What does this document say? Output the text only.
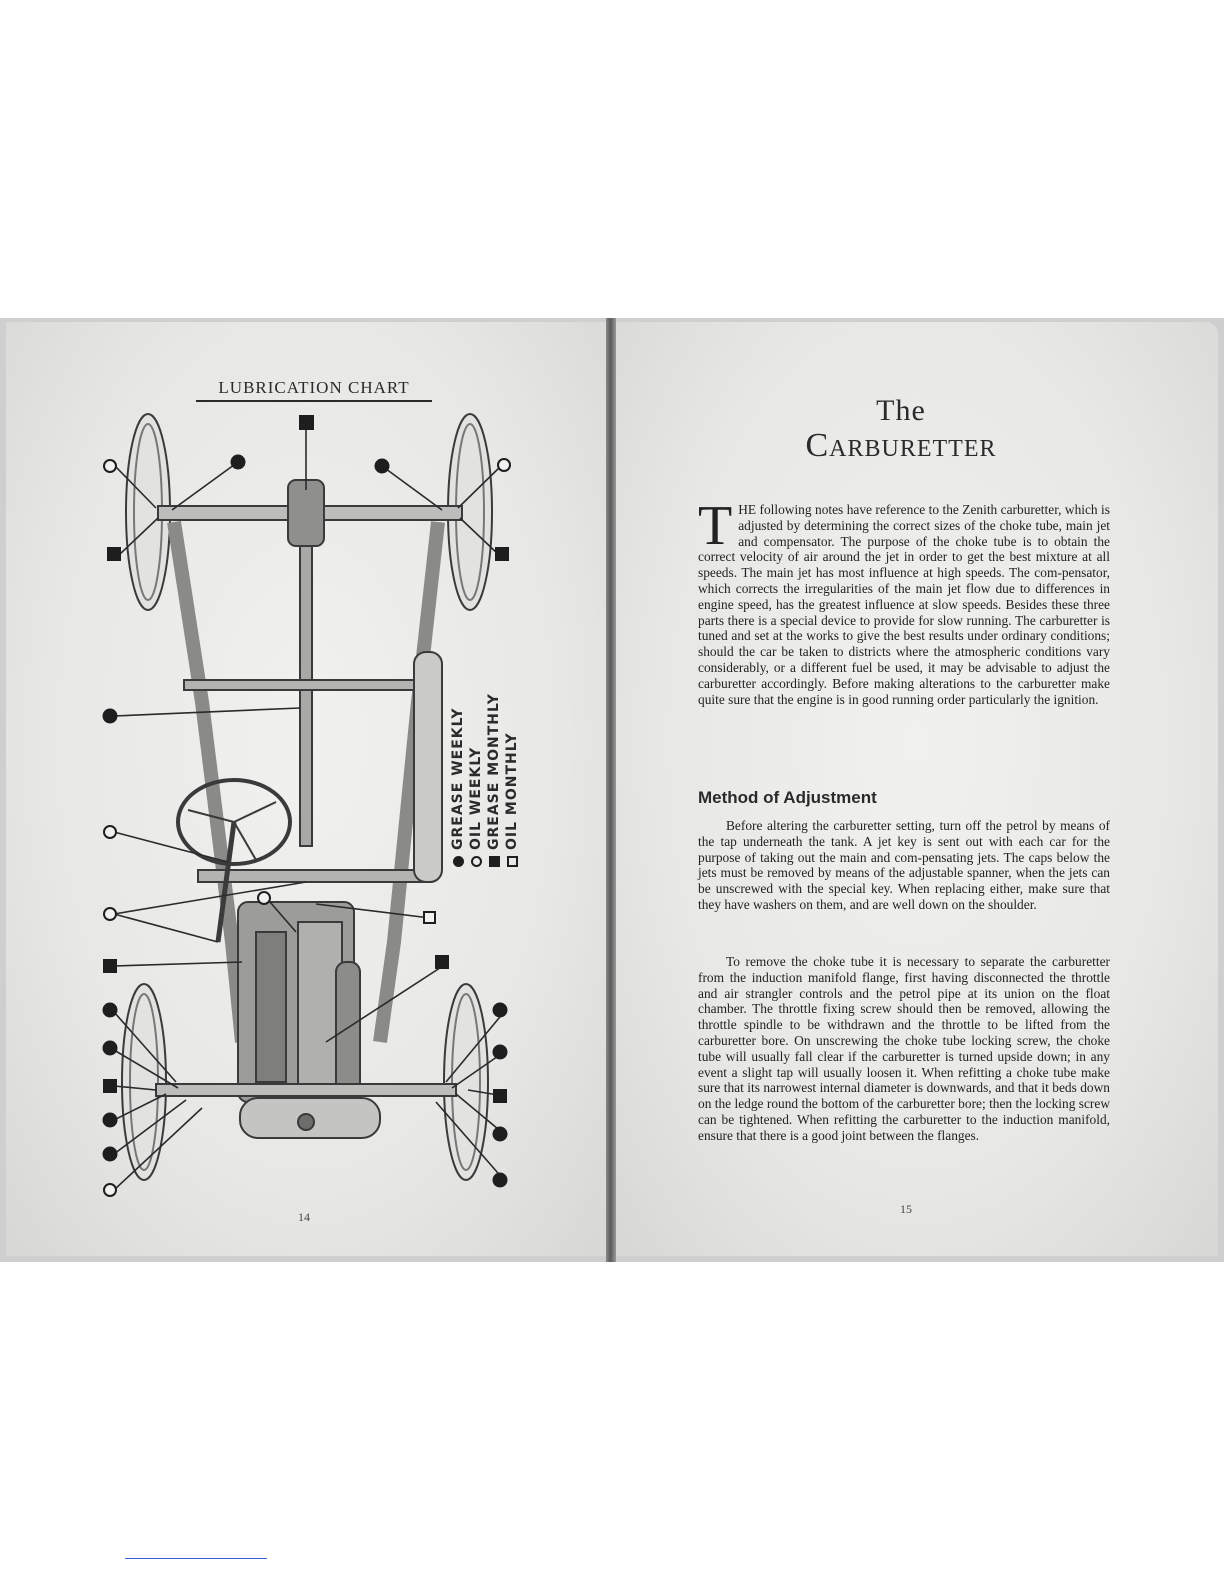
LUBRICATION CHART
GREASE WEEKLY OIL WEEKLY GREASE MONTHLY OIL MONTHLY
14
The
Carburetter
T HE following notes have reference to the Zenith carburetter, which is adjusted by determining the correct sizes of the choke tube, main jet and compensator. The purpose of the choke tube is to obtain the correct velocity of air around the jet in order to get the best mixture at all speeds. The main jet has most influence at high speeds. The com-pensator, which corrects the irregularities of the main jet flow due to differences in engine speed, has the greatest influence at slow speeds. Besides these three parts there is a special device to provide for slow running. The carburetter is tuned and set at the works to give the best results under ordinary conditions; should the car be taken to districts where the atmospheric conditions vary considerably, or a different fuel be used, it may be advisable to adjust the carburetter accordingly. Before making alterations to the carburetter make quite sure that the engine is in good running order particularly the ignition.
Method of Adjustment

Before altering the carburetter setting, turn off the petrol by means of the tap underneath the tank. A jet key is sent out with each car for the purpose of taking out the main and com-pensating jets. The caps below the jets must be removed by means of the adjustable spanner, when the jets can be unscrewed with the special key. When replacing either, make sure that they have washers on them, and are well down on the shoulder.

To remove the choke tube it is necessary to separate the carburetter from the induction manifold flange, first having disconnected the throttle and air strangler controls and the petrol pipe at its union on the float chamber. The throttle fixing screw should then be removed, allowing the throttle spindle to be withdrawn and the throttle to be lifted from the carburetter bore. On unscrewing the choke tube locking screw, the choke tube will usually fall clear if the carburetter is turned upside down; in any event a slight tap will usually loosen it. When refitting a choke tube make sure that its narrowest internal diameter is downwards, and that it beds down on the ledge round the bottom of the carburetter bore; then the locking screw can be tightened. When refitting the carburetter to the induction manifold, ensure that there is a good joint between the flanges.

15
